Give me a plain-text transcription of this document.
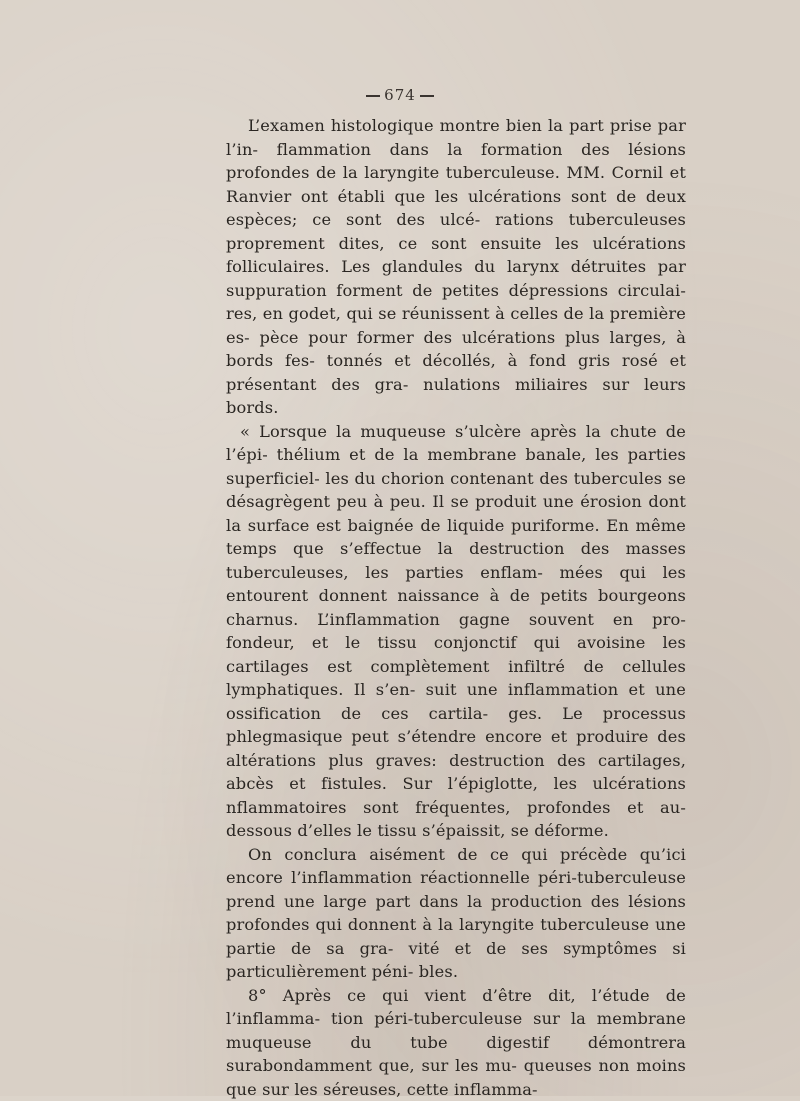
674

L’examen histologique montre bien la part prise par l’in- flammation dans la formation des lésions profondes de la laryngite tuberculeuse. MM. Cornil et Ranvier ont établi que les ulcérations sont de deux espèces; ce sont des ulcé- rations tuberculeuses proprement dites, ce sont ensuite les ulcérations folliculaires. Les glandules du larynx détruites par suppuration forment de petites dépressions circulai- res, en godet, qui se réunissent à celles de la première es- pèce pour former des ulcérations plus larges, à bords fes- tonnés et décollés, à fond gris rosé et présentant des gra- nulations miliaires sur leurs bords.

« Lorsque la muqueuse s’ulcère après la chute de l’épi- thélium et de la membrane banale, les parties superficiel- les du chorion contenant des tubercules se désagrègent peu à peu. Il se produit une érosion dont la surface est baignée de liquide puriforme. En même temps que s’effectue la destruction des masses tuberculeuses, les parties enflam- mées qui les entourent donnent naissance à de petits bourgeons charnus. L’inflammation gagne souvent en pro- fondeur, et le tissu conjonctif qui avoisine les cartilages est complètement infiltré de cellules lymphatiques. Il s’en- suit une inflammation et une ossification de ces cartila- ges. Le processus phlegmasique peut s’étendre encore et produire des altérations plus graves: destruction des cartilages, abcès et fistules. Sur l’épiglotte, les ulcérations nflammatoires sont fréquentes, profondes et au-dessous d’elles le tissu s’épaissit, se déforme.

On conclura aisément de ce qui précède qu’ici encore l’inflammation réactionnelle péri-tuberculeuse prend une large part dans la production des lésions profondes qui donnent à la laryngite tuberculeuse une partie de sa gra- vité et de ses symptômes si particulièrement péni- bles.

8° Après ce qui vient d’être dit, l’étude de l’inflamma- tion péri-tuberculeuse sur la membrane muqueuse du tube digestif démontrera surabondamment que, sur les mu- queuses non moins que sur les séreuses, cette inflamma-
